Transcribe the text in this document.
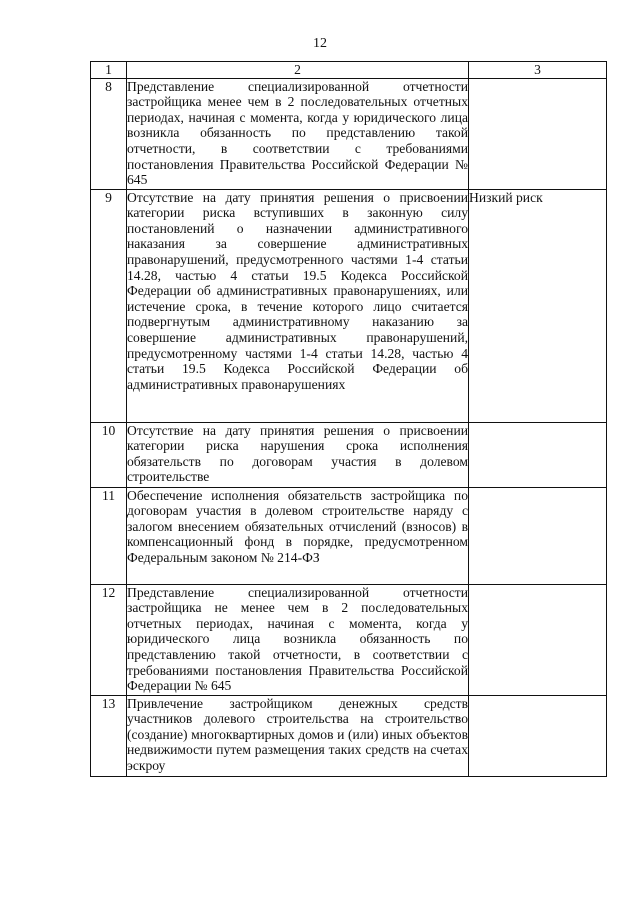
12
1	2	3
8	Представление специализированной отчетности застройщика менее чем в 2 последовательных отчетных периодах, начиная с момента, когда у юридического лица возникла обязанность по представлению такой отчетности, в соответствии с требованиями постановления Правительства Российской Федерации № 645	
9	Отсутствие на дату принятия решения о присвоении категории риска вступивших в законную силу постановлений о назначении административного наказания за совершение административных правонарушений, предусмотренного частями 1-4 статьи 14.28, частью 4 статьи 19.5 Кодекса Российской Федерации об административных правонарушениях, или истечение срока, в течение которого лицо считается подвергнутым административному наказанию за совершение административных правонарушений, предусмотренному частями 1-4 статьи 14.28, частью 4 статьи 19.5 Кодекса Российской Федерации об административных правонарушениях	Низкий риск
10	Отсутствие на дату принятия решения о присвоении категории риска нарушения срока исполнения обязательств по договорам участия в долевом строительстве	
11	Обеспечение исполнения обязательств застройщика по договорам участия в долевом строительстве наряду с залогом внесением обязательных отчислений (взносов) в компенсационный фонд в порядке, предусмотренном Федеральным законом № 214-ФЗ	
12	Представление специализированной отчетности застройщика не менее чем в 2 последовательных отчетных периодах, начиная с момента, когда у юридического лица возникла обязанность по представлению такой отчетности, в соответствии с требованиями постановления Правительства Российской Федерации № 645	
13	Привлечение застройщиком денежных средств участников долевого строительства на строительство (создание) многоквартирных домов и (или) иных объектов недвижимости путем размещения таких средств на счетах эскроу	
